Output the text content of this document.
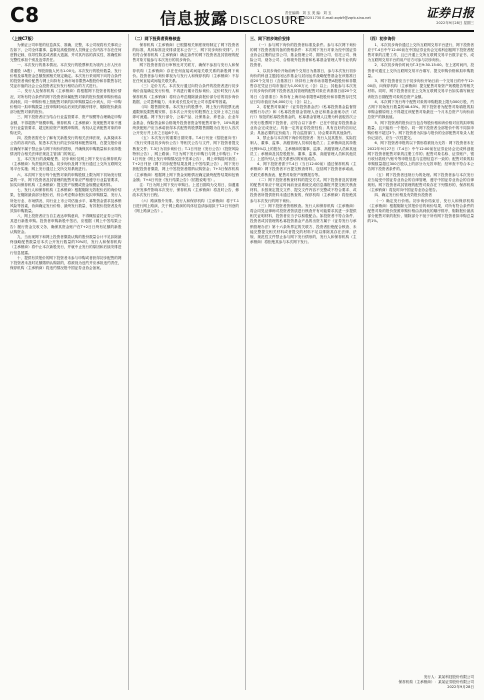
C8	信息披露 DISCLOSURE
责任编辑：刘 玉 美 编：刘 玉
电话：010-83251730 E-mail:zqrb9@zqrb.sina.net	证券日报
2022年9月28日 星期三
（上接C7版）

为保证公司申报的信息真实、准确、完整，本公司现将有关事项公告如下，公司全体董事、监事及高级管理人员保证公告内容不存在任何虚假记载、误导性陈述或者重大遗漏，并对其内容的真实性、准确性和完整性承担个别及连带责任。

一、本次发行的基本情况。本次发行的股票种类为境内上市人民币普通股（A股），每股面值人民币1.00元。本次发行的股份数量、发行价格及募集资金总额按照相关规定确定。本次发行采用网下向符合条件的投资者询价配售与网上向持有上海市场非限售A股股份和非限售存托凭证市值的社会公众投资者定价发行相结合的方式进行。

二、发行人及保荐机构（主承销商）将根据网下投资者的报价情况，对所有符合条件的网下投资者所属配售对象的报价按照申购价格由高到低、同一申购价格上按配售对象的拟申购数量由小到大、同一申购价格同一拟申购数量上按申购时间由后到先的顺序排序，剔除报价最高部分配售对象的报价。

三、网下投资者应当结合行业监管要求、资产规模等合理确定申购金额，不得超资产规模申购。保荐机构（主承销商）发现配售对象不遵守行业监管要求、超过相应资产规模申购的，有权认定该配售对象的申购无效。

四、投资者需充分了解有关新股发行的相关法律法规，认真阅读本公告的各项内容，知悉本次发行的定价原则和配售原则，在提交报价前应确保不属于禁止参与网下询价的情形，并确保其申购数量和未来持股情况符合相关法律法规及主管部门的规定。

五、本次发行的战略配售、初步询价及网上网下发行由保荐机构（主承销商）负责组织实施。初步询价及网下发行通过上交所互联网交易平台实施；网上发行通过上交所交易系统进行。

六、本次网下发行每个配售对象的申购股数上限为网下初始发行数量的一半，网下投资者及其管理的配售对象应严格遵守行业监管要求，如实向保荐机构（主承销商）提交资产规模或资金规模证明材料。

七、发行人和保荐机构（主承销商）根据剔除无效报价后的询价结果，在剔除最高部分报价后，综合考虑剩余报价及拟申购数量、发行人所处行业、市场情况、同行业上市公司估值水平、募集资金需求及承销风险等因素，协商确定发行价格、最终发行数量、有效报价投资者及有效拟申购数量。

八、网上投资者应当自主表达申购意向，不得概括委托证券公司代其进行新股申购。投资者申购新股中签后，应根据《网上中签结果公告》履行资金交收义务，确保其资金账户在T+2日日终有足额的新股认购资金。

九、当出现网下和网上投资者缴款认购的股份数量合计不足扣除最终战略配售数量后本次公开发行数量的70%时，发行人和保荐机构（主承销商）将中止本次新股发行，并就中止发行的原因和后续安排进行信息披露。

十、提供有效报价的网下投资者未参与申购或者获得初步配售的网下投资者未及时足额缴纳认购款的，将被视为违约并应承担违约责任，保荐机构（主承销商）将违约情况报中国证券业协会备案。

（二）网下投资者资格核查

保荐机构（主承销商）已根据相关制度规则制定了网下投资者的标准，具体标准及安排请见本公告“三、网下初步询价安排”。只有符合保荐机构（主承销商）确定条件的网下投资者及其管理的配售对象方能参与本次发行的初步询价。

网下投资者需自行审核比对关联方，确保不参加与发行人和保荐机构（主承销商）存在任何直接或间接关联关系的新股网下询价。投资者参与询价即视为与发行人和保荐机构（主承销商）不存在任何直接或间接关联关系。

（三）定价方式。本次发行通过向符合条件的投资者进行初步询价直接确定发行价格，不再进行累计投标询价。定价时发行人和保荐机构（主承销商）将综合考虑剔除最高报价部分后的初步询价数据、公司盈利能力、未来成长性及可比公司市盈率等因素。

（四）限售期安排。本次发行的股票中，网上发行的股票无流通限制及限售期安排，自本次公开发行的股票在上交所上市之日起即可流通。网下发行部分，公募产品、社保基金、养老金、企业年金基金、保险资金和合格境外投资者资金等配售对象中，10%的最终获配账户应当承诺获得本次配售的股票限售期限为自发行人首次公开发行并上市之日起6个月。

（五）本次发行的重要日期安排。T-6日刊登《招股意向书》《发行安排及初步询价公告》等相关公告与文件，网下投资者提交核查文件；T-3日为初步询价日；T-1日刊登《发行公告》《投资风险特别公告》，网上路演；T日为网下发行申购日与网上申购日；T+1日刊登《网上发行申购情况及中签率公告》，网上申购摇号抽签；T+2日刊登《网下初步配售结果及网上中签结果公告》，网下发行获配投资者缴款，网上中签投资者缴纳认购资金；T+3日保荐机构（主承销商）根据网上网下资金到账情况确定最终配售结果和包销金额；T+4日刊登《发行结果公告》《招股说明书》。

注：T日为网上网下发行申购日。上述日期均为交易日，如遇重大突发事件影响本次发行，保荐机构（主承销商）将及时公告，修改本次发行日程。

（六）路演推介安排。发行人和保荐机构（主承销商）将于T-1日进行网上路演，关于网上路演的具体信息请参阅拟于T-2日刊登的《网上路演公告》。

三、网下初步询价安排

（一）参与网下询价的投资者标准及条件。参与本次网下询价的网下投资者需具备的资格条件：本次网下发行对象为经中国证券业协会注册的证券公司、基金管理公司、期货公司、信托公司、保险公司、财务公司、合格境外投资者和私募基金管理人等专业机构投资者。

1、以初步询价开始前两个交易日为基准日，参与本次发行初步询价的科创主题封闭运作基金与封闭运作战略配售基金在该基准日前20个交易日（含基准日）所持有上海市场非限售A股股份和非限售存托凭证日均市值应为1,000万元（含）以上；其他参与本次发行初步询价的网下投资者及其管理的配售对象在该基准日前20个交易日（含基准日）所持有上海市场非限售A股股份和非限售存托凭证日均市值应为6,000万元（含）以上。

2、若配售对象属于《证券投资基金法》《私募投资基金监督管理暂行办法》和《私募投资基金管理人登记和基金备案办法（试行）》规范的私募投资基金的，私募基金管理人注册为科创板首次公开发行股票网下投资者，应符合以下条件：已在中国证券投资基金业协会完成登记；具备一定的证券投资经验；具有良好的信用记录；具备必要的定价能力；符合监管部门、协会要求的其他条件。

3、禁止参与本次网下询价的投资者：发行人及其股东、实际控制人、董事、监事、高级管理人员和其他员工；主承销商及其持股比例5%以上的股东，主承销商的董事、监事、高级管理人员和其他员工；承销商及其控股股东、董事、监事、高级管理人员和其他员工；上述所列人士的关系密切的家庭成员。

4、网下投资者需于T-4日（当日12:00前）通过保荐机构（主承销商）网下投资者平台提交核查材料，包括网下投资者承诺函、关联关系核查表、配售对象资产规模报告等。

（二）网下投资者核查材料的提交方式。网下投资者及其管理的配售对象应于规定时间前登录系统完成信息填报并提交相关核查材料，未按规定提交文件、提交文件内容不完整或不符合要求、或投资者所提供资料未通过核查的，保荐机构（主承销商）将拒绝其参与本次发行的网下询价。

（三）网下投资者资格核查。发行人和保荐机构（主承销商）将会同见证律师对投资者资质进行核查并有可能要求其进一步提供相关证明材料，投资者应当予以积极配合。如投资者不符合条件、投资者或其管理的私募投资基金产品的出资方属于《证券发行与承销管理办法》第十六条所界定的关联方、投资者拒绝配合核查、未能完整提交相关材料或者提交的材料不足以排除其存在法律、法规、规范性文件禁止参与网下发行情形的，发行人和保荐机构（主承销商）将拒绝其参与本次网下发行。

（四）初步询价

1、本次初步询价通过上交所互联网交易平台进行，网下投资者应于T-4日中午12:00前在中国证券业协会完成科创板网下投资者配售对象的注册工作，且已开通上交所互联网交易平台数字证书，成为互联网交易平台的用户后方可参与初步询价。

2、本次初步询价时间为T-3日9:30-15:00。在上述时间内，投资者可通过上交所互联网交易平台填写、提交申购价格和拟申购数量。

3、网下投资者应当于初步询价开始日前一个交易日的中午12:00前，向保荐机构（主承销商）提交配售对象资产规模报告等相关材料。同时，网下投资者应在上交所互联网交易平台如实填写截至该报告日期配售对象的总资产金额。

4、本次网下发行每个配售对象的申购股数上限为300万股，约占网下初始发行数量的48.43%。网下投资者为配售对象填报的拟申购金额原则上不得超过该配售对象最近一个月末总资产与询价前总资产的孰低值。

5、网下投资者的报价应当包含每股价格和该价格对应的拟申购数量，且只能有一个报价。同一网下投资者全部报价中的不同拟申购价格不超过3个。网下投资者为拟参与报价的全部配售对象录入报价记录后，应当一次性提交。

6、网下投资者申报的以下情形将被视为无效：网下投资者未在2022年9月27日（T-4日）中午12:00前在证券业协会完成科创板网下投资者配售对象的注册工作的；配售对象名称、证券账户、银行收付款账户/账号等申报信息与注册信息不一致的；配售对象的拟申购数量超过300万股以上的部分为无效申报；经审查不符合本公告网下投资者条件的。

（五）网下投资者违规行为的处理。网下投资者参与本次发行应当接受中国证券业协会的自律管理，遵守中国证券业协会的自律规则。网下投资者或其管理的配售对象存在下列情形的，保荐机构（主承销商）将及时向中国证券业协会报告。

四、确定发行价格及有效报价投资者

（一）确定发行价格。初步询价结束后，发行人和保荐机构（主承销商）根据剔除无效报价后的询价结果，对所有符合条件的配售对象的报价按照申购价格由高到低的顺序排序，剔除报价最高部分配售对象的报价，剔除部分不低于所有网下投资者拟申购总量的1%。

发行人：某某科技股份有限公司
保荐机构（主承销商）：某某证券股份有限公司
2022年9月28日
